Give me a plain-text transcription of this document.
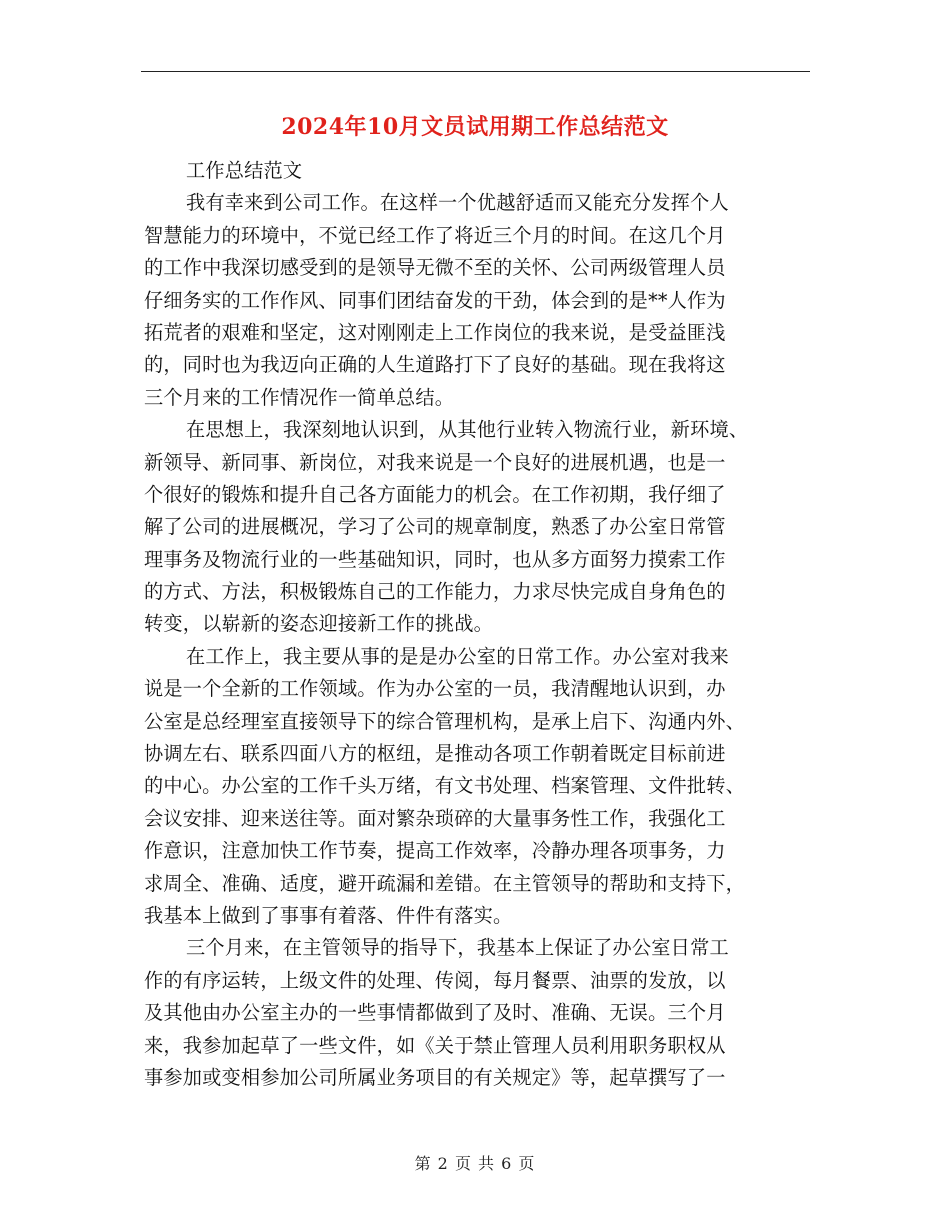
2024年10月文员试用期工作总结范文
工作总结范文
我有幸来到公司工作。在这样一个优越舒适而又能充分发挥个人
智慧能力的环境中，不觉已经工作了将近三个月的时间。在这几个月
的工作中我深切感受到的是领导无微不至的关怀、公司两级管理人员
仔细务实的工作作风、同事们团结奋发的干劲，体会到的是**人作为
拓荒者的艰难和坚定，这对刚刚走上工作岗位的我来说，是受益匪浅
的，同时也为我迈向正确的人生道路打下了良好的基础。现在我将这
三个月来的工作情况作一简单总结。
在思想上，我深刻地认识到，从其他行业转入物流行业，新环境、
新领导、新同事、新岗位，对我来说是一个良好的进展机遇，也是一
个很好的锻炼和提升自己各方面能力的机会。在工作初期，我仔细了
解了公司的进展概况，学习了公司的规章制度，熟悉了办公室日常管
理事务及物流行业的一些基础知识，同时，也从多方面努力摸索工作
的方式、方法，积极锻炼自己的工作能力，力求尽快完成自身角色的
转变，以崭新的姿态迎接新工作的挑战。
在工作上，我主要从事的是是办公室的日常工作。办公室对我来
说是一个全新的工作领域。作为办公室的一员，我清醒地认识到，办
公室是总经理室直接领导下的综合管理机构，是承上启下、沟通内外、
协调左右、联系四面八方的枢纽，是推动各项工作朝着既定目标前进
的中心。办公室的工作千头万绪，有文书处理、档案管理、文件批转、
会议安排、迎来送往等。面对繁杂琐碎的大量事务性工作，我强化工
作意识，注意加快工作节奏，提高工作效率，冷静办理各项事务，力
求周全、准确、适度，避开疏漏和差错。在主管领导的帮助和支持下，
我基本上做到了事事有着落、件件有落实。
三个月来，在主管领导的指导下，我基本上保证了办公室日常工
作的有序运转，上级文件的处理、传阅，每月餐票、油票的发放，以
及其他由办公室主办的一些事情都做到了及时、准确、无误。三个月
来，我参加起草了一些文件，如《关于禁止管理人员利用职务职权从
事参加或变相参加公司所属业务项目的有关规定》等，起草撰写了一
第 2 页 共 6 页
